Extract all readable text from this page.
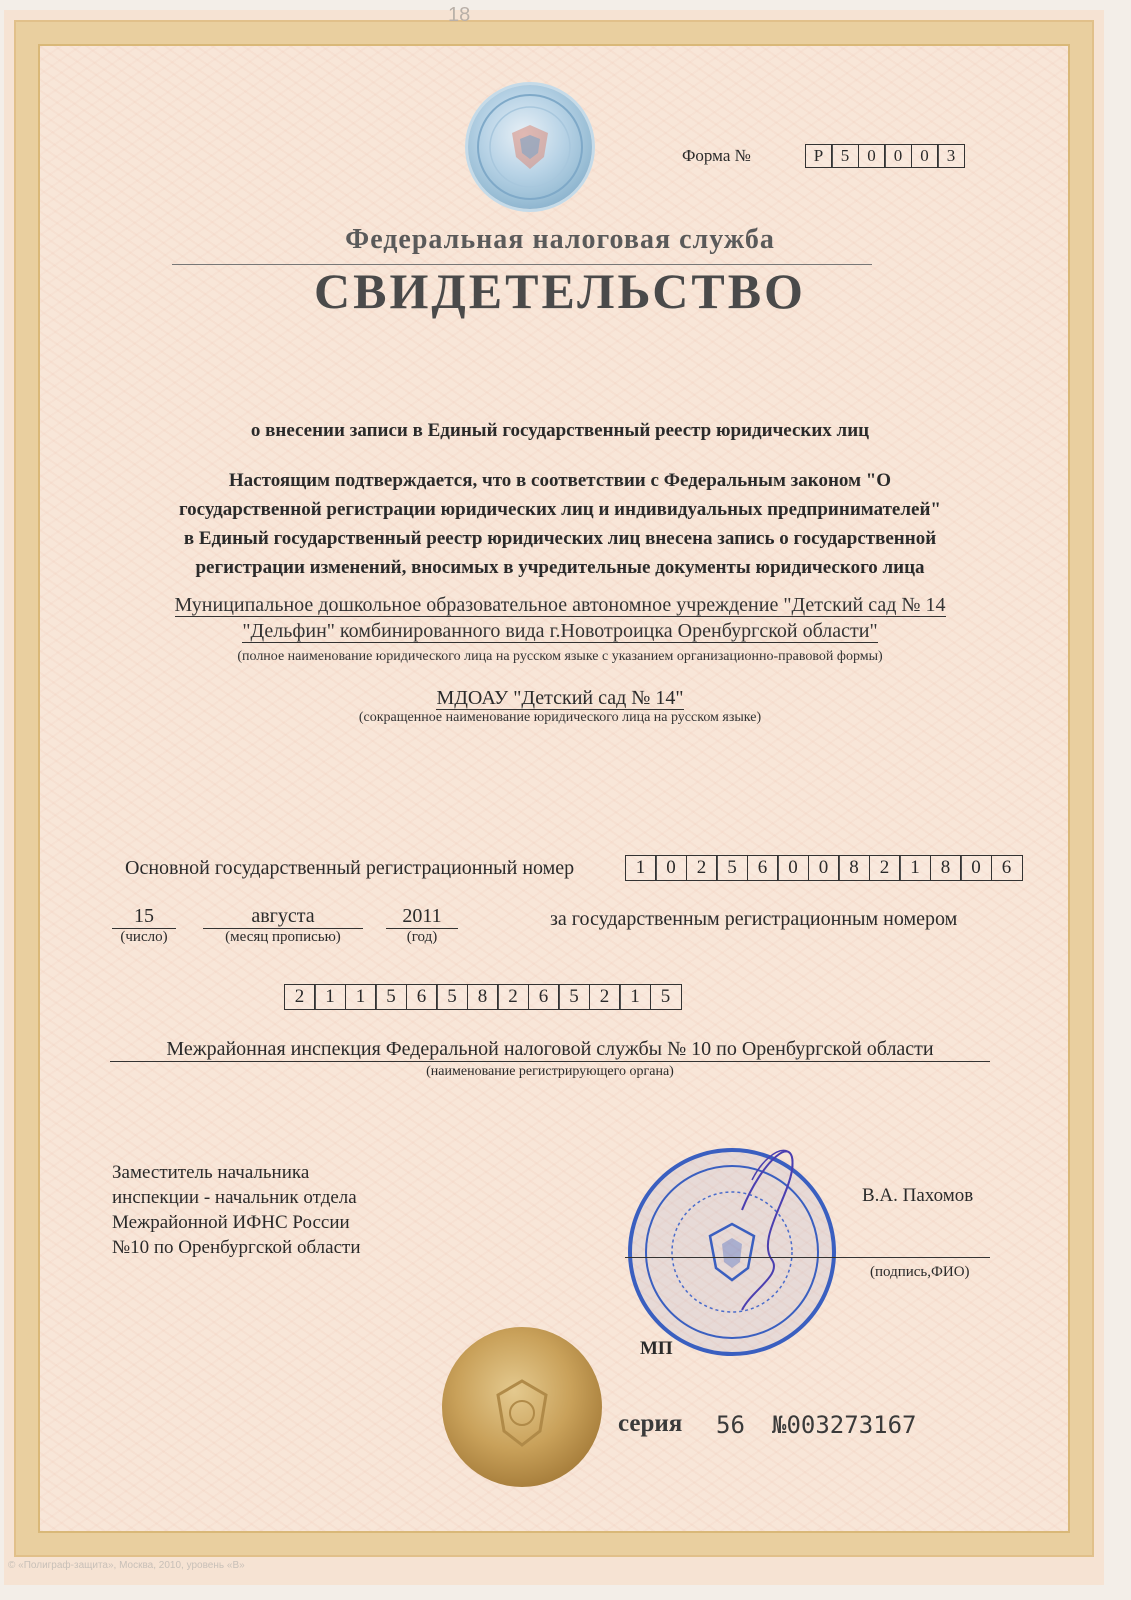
18
Форма №	Р	5	0	0	0	3
Федеральная налоговая служба
СВИДЕТЕЛЬСТВО
о внесении записи в Единый государственный реестр юридических лиц
Настоящим подтверждается, что в соответствии с Федеральным законом "О
государственной регистрации юридических лиц и индивидуальных предпринимателей"
в Единый государственный реестр юридических лиц внесена запись о государственной
регистрации изменений, вносимых в учредительные документы юридического лица
Муниципальное дошкольное образовательное автономное учреждение "Детский сад № 14
"Дельфин" комбинированного вида г.Новотроицка Оренбургской области"
(полное наименование юридического лица на русском языке с указанием организационно-правовой формы)
МДОАУ "Детский сад № 14"
(сокращенное наименование юридического лица на русском языке)
Основной государственный регистрационный номер	1	0	2	5	6	0	0	8	2	1	8	0	6
15
(число)
августа
(месяц прописью)
2011
(год)
за государственным регистрационным номером
2	1	1	5	6	5	8	2	6	5	2	1	5
Межрайонная инспекция Федеральной налоговой службы № 10 по Оренбургской области
(наименование регистрирующего органа)
Заместитель начальника
инспекции - начальник отдела
Межрайонной ИФНС России
№10 по Оренбургской области
В.А. Пахомов
(подпись,ФИО)
МП
серия 56 №003273167
© «Полиграф-защита», Москва, 2010, уровень «В»
